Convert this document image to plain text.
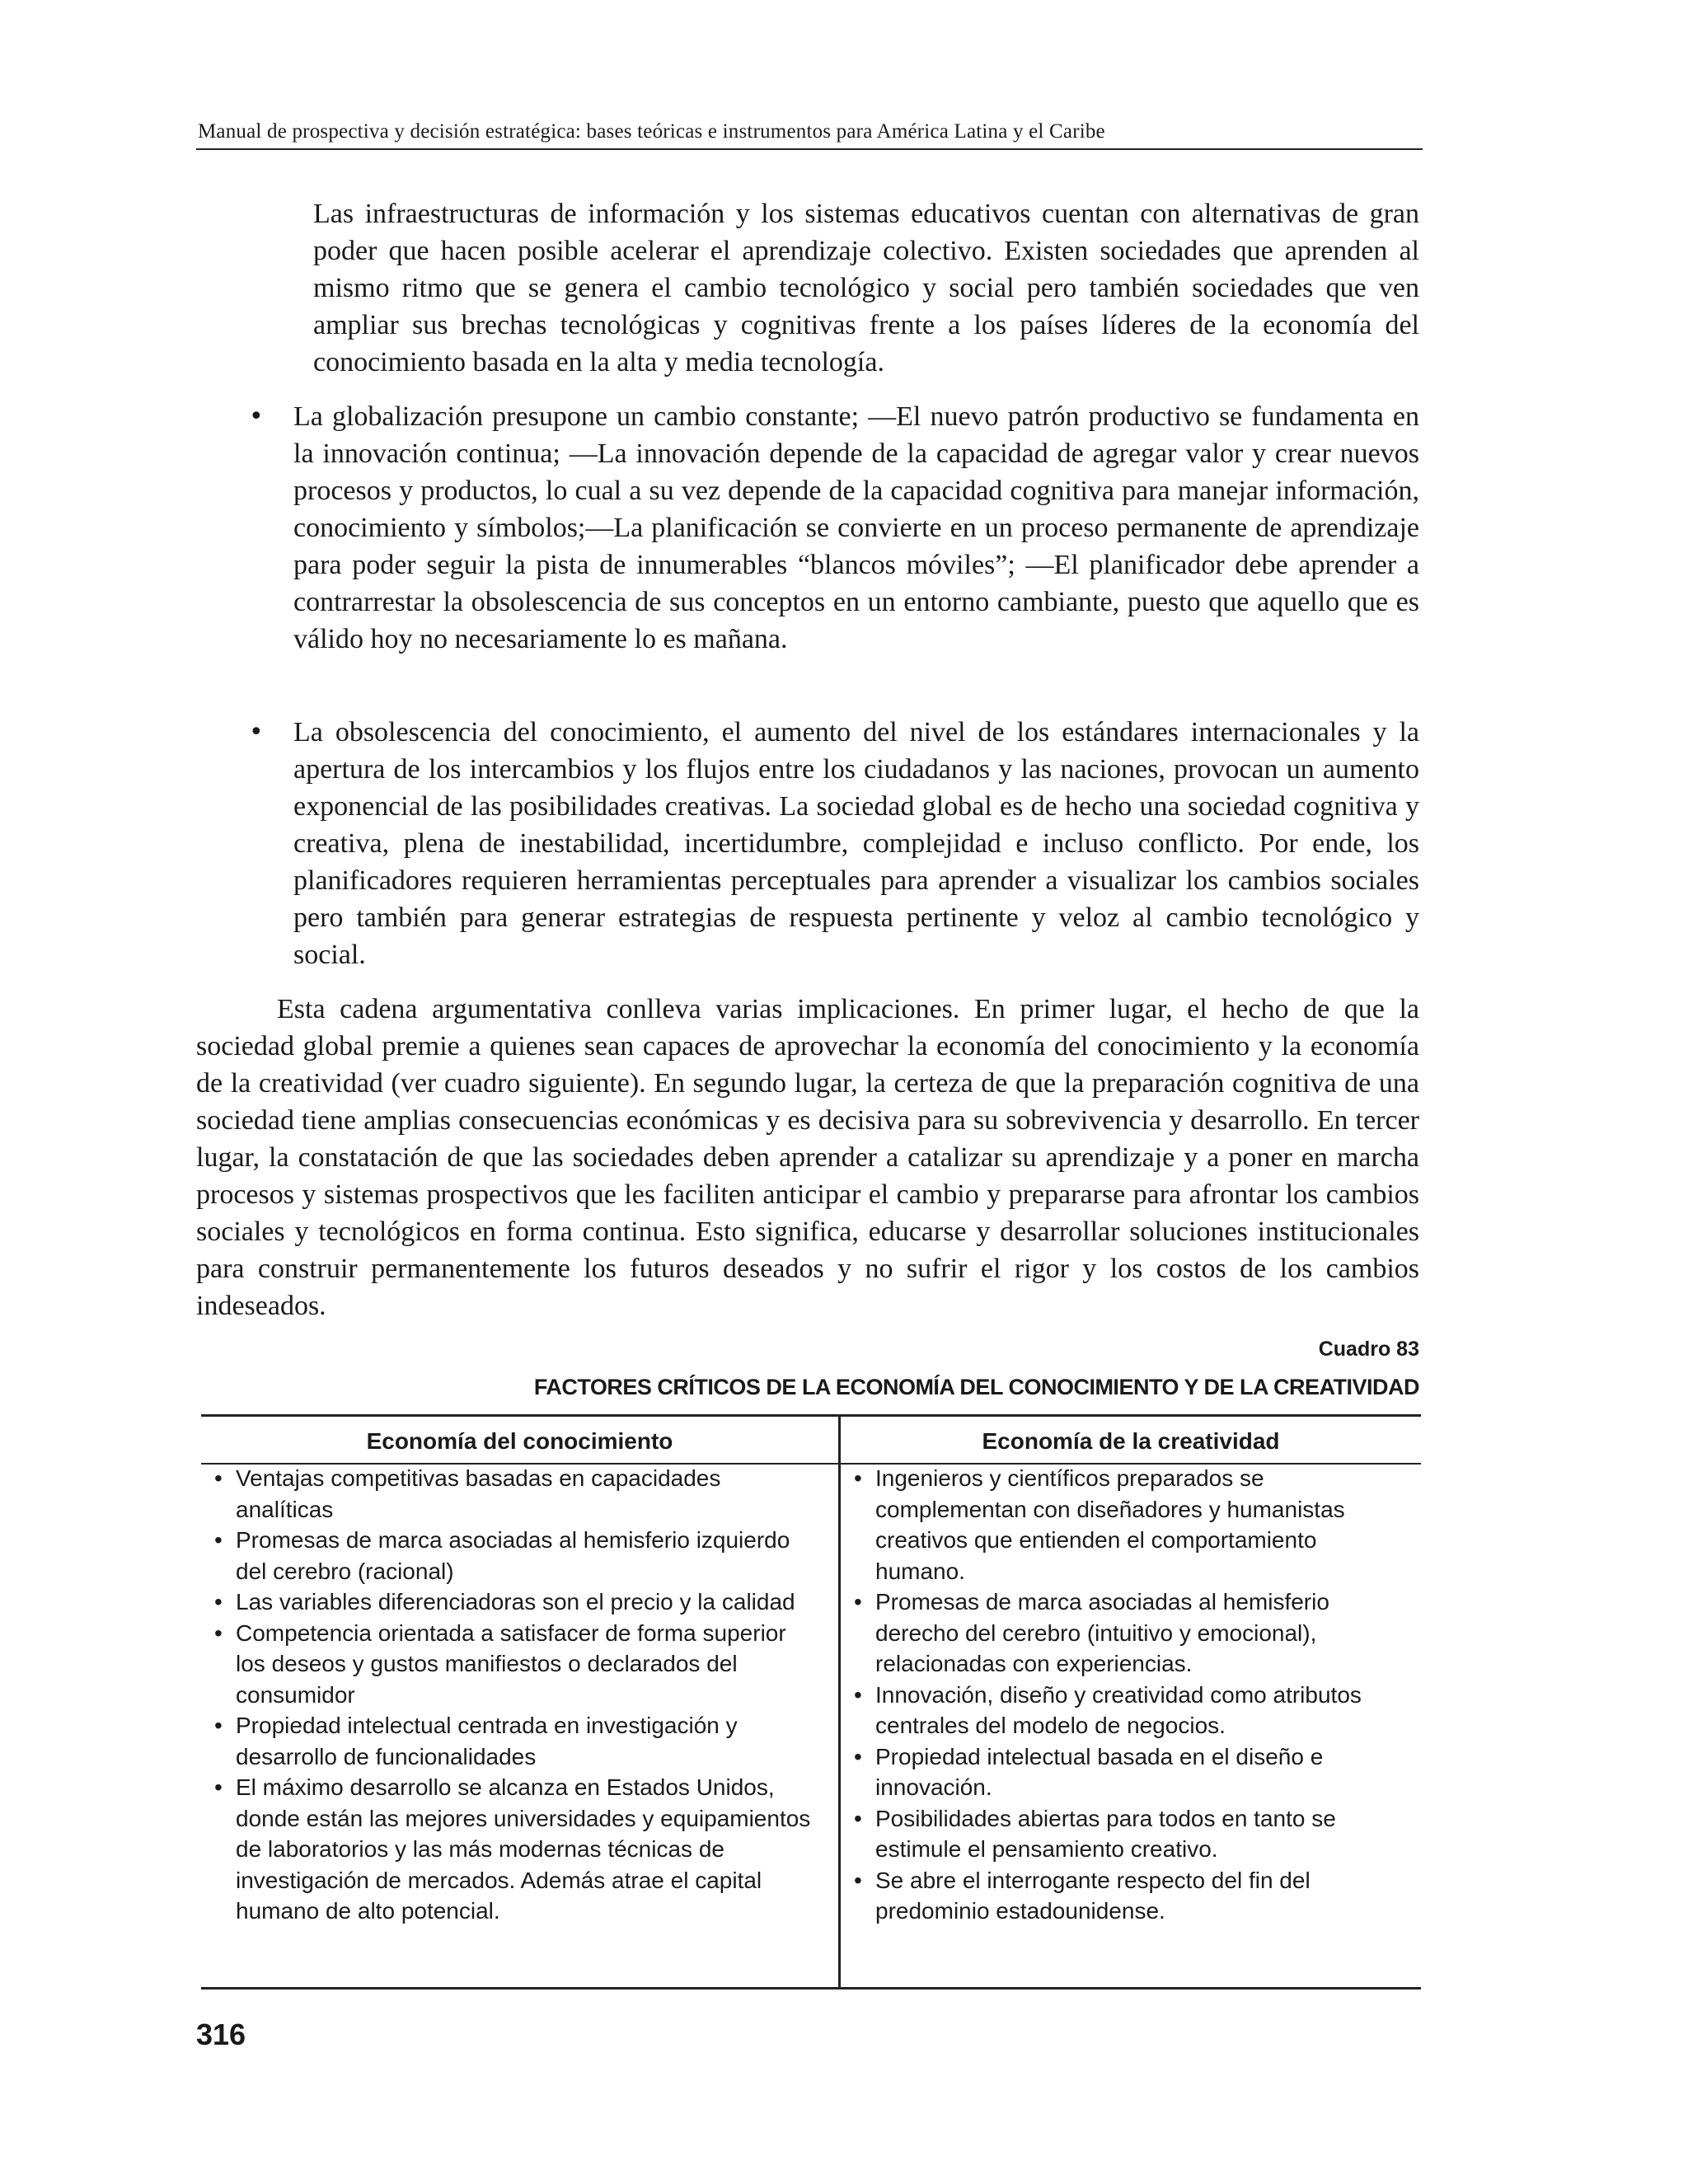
Manual de prospectiva y decisión estratégica: bases teóricas e instrumentos para América Latina y el Caribe

Las infraestructuras de información y los sistemas educativos cuentan con alternativas de gran poder que hacen posible acelerar el aprendizaje colectivo. Existen sociedades que aprenden al mismo ritmo que se genera el cambio tecnológico y social pero también sociedades que ven ampliar sus brechas tecnológicas y cognitivas frente a los países líderes de la economía del conocimiento basada en la alta y media tecnología.

• La globalización presupone un cambio constante; —El nuevo patrón productivo se fundamenta en la innovación continua; —La innovación depende de la capacidad de agregar valor y crear nuevos procesos y productos, lo cual a su vez depende de la capacidad cognitiva para manejar información, conocimiento y símbolos;—La planificación se convierte en un proceso permanente de aprendizaje para poder seguir la pista de innumerables “blancos móviles”; —El planificador debe aprender a contrarrestar la obsolescencia de sus conceptos en un entorno cambiante, puesto que aquello que es válido hoy no necesariamente lo es mañana.

• La obsolescencia del conocimiento, el aumento del nivel de los estándares internacionales y la apertura de los intercambios y los flujos entre los ciudadanos y las naciones, provocan un aumento exponencial de las posibilidades creativas. La sociedad global es de hecho una sociedad cognitiva y creativa, plena de inestabilidad, incertidumbre, complejidad e incluso conflicto. Por ende, los planificadores requieren herramientas perceptuales para aprender a visualizar los cambios sociales pero también para generar estrategias de respuesta pertinente y veloz al cambio tecnológico y social.

Esta cadena argumentativa conlleva varias implicaciones. En primer lugar, el hecho de que la sociedad global premie a quienes sean capaces de aprovechar la economía del conocimiento y la economía de la creatividad (ver cuadro siguiente). En segundo lugar, la certeza de que la preparación cognitiva de una sociedad tiene amplias consecuencias económicas y es decisiva para su sobrevivencia y desarrollo. En tercer lugar, la constatación de que las sociedades deben aprender a catalizar su aprendizaje y a poner en marcha procesos y sistemas prospectivos que les faciliten anticipar el cambio y prepararse para afrontar los cambios sociales y tecnológicos en forma continua. Esto significa, educarse y desarrollar soluciones institucionales para construir permanentemente los futuros deseados y no sufrir el rigor y los costos de los cambios indeseados.

Cuadro 83
FACTORES CRÍTICOS DE LA ECONOMÍA DEL CONOCIMIENTO Y DE LA CREATIVIDAD
Economía del conocimiento	Economía de la creatividad
• Ventajas competitivas basadas en capacidades analíticas
• Promesas de marca asociadas al hemisferio izquierdo del cerebro (racional)
• Las variables diferenciadoras son el precio y la calidad
• Competencia orientada a satisfacer de forma superior los deseos y gustos manifiestos o declarados del consumidor
• Propiedad intelectual centrada en investigación y desarrollo de funcionalidades
• El máximo desarrollo se alcanza en Estados Unidos, donde están las mejores universidades y equipamientos de laboratorios y las más modernas técnicas de investigación de mercados. Además atrae el capital humano de alto potencial.
• Ingenieros y científicos preparados se complementan con diseñadores y humanistas creativos que entienden el comportamiento humano.
• Promesas de marca asociadas al hemisferio derecho del cerebro (intuitivo y emocional), relacionadas con experiencias.
• Innovación, diseño y creatividad como atributos centrales del modelo de negocios.
• Propiedad intelectual basada en el diseño e innovación.
• Posibilidades abiertas para todos en tanto se estimule el pensamiento creativo.
• Se abre el interrogante respecto del fin del predominio estadounidense.
316
